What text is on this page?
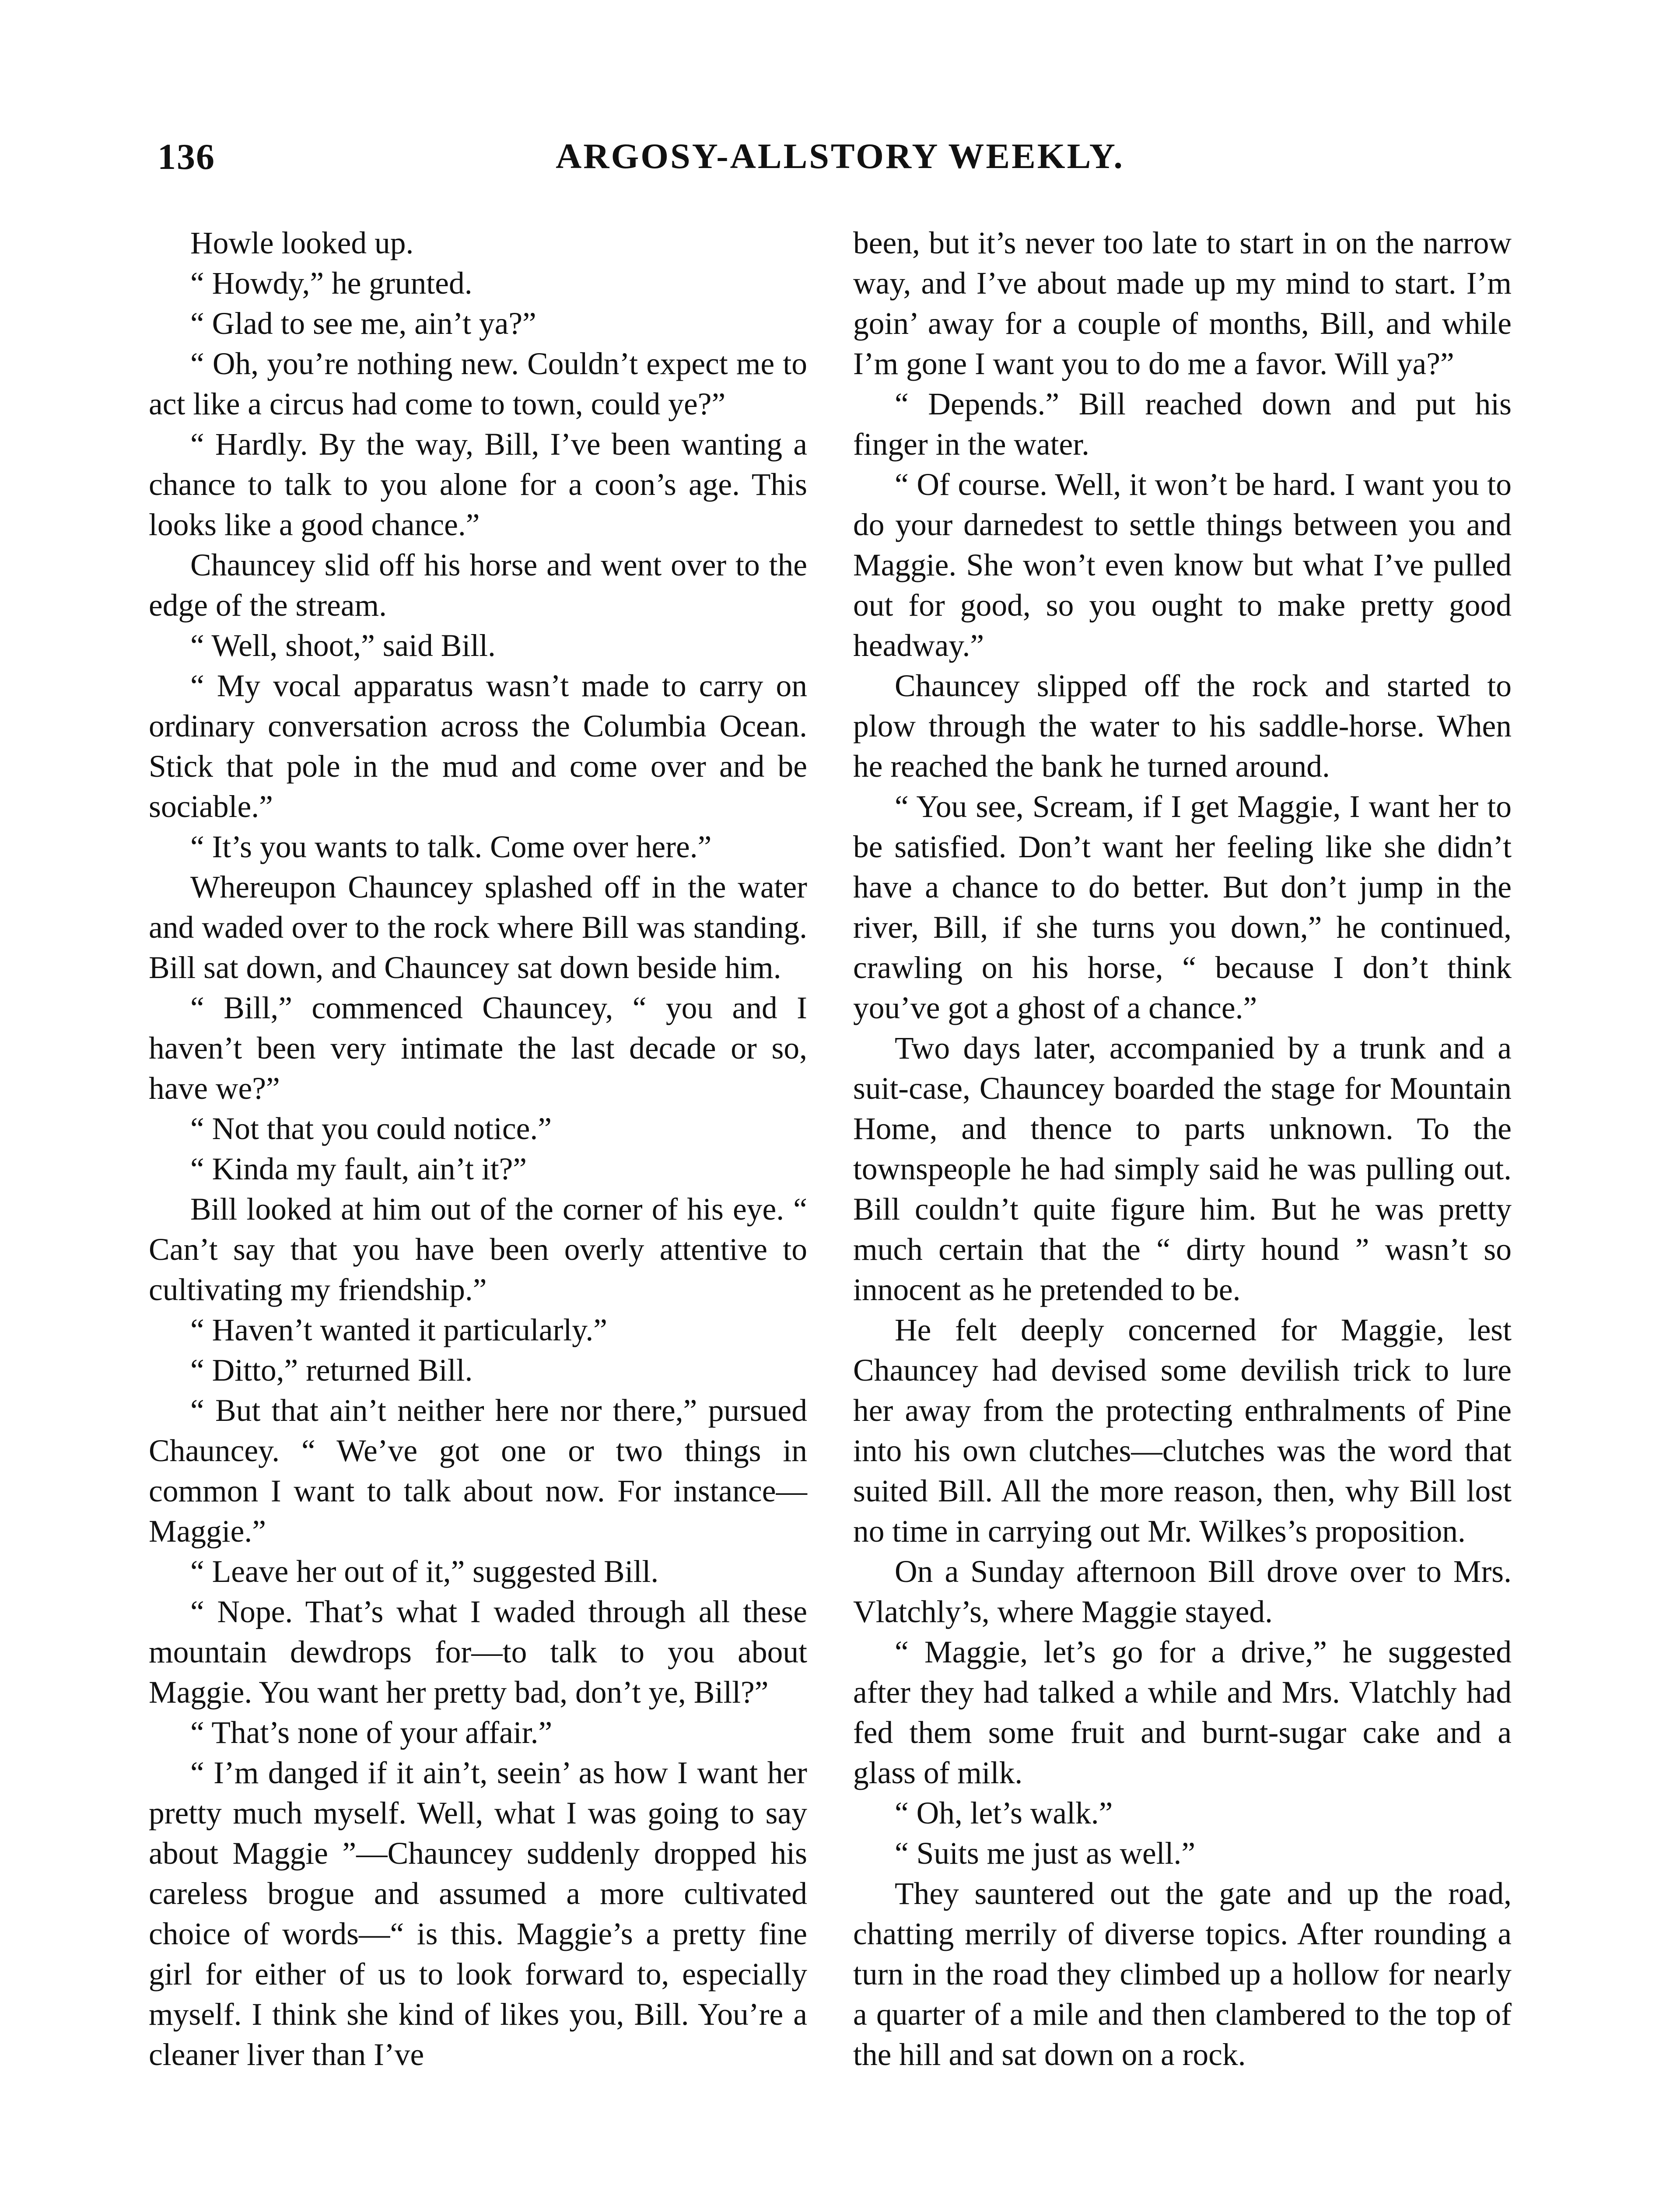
136	ARGOSY-ALLSTORY WEEKLY.

Howle looked up.

“ Howdy,” he grunted.

“ Glad to see me, ain’t ya?”

“ Oh, you’re nothing new. Couldn’t expect me to act like a circus had come to town, could ye?”

“ Hardly. By the way, Bill, I’ve been wanting a chance to talk to you alone for a coon’s age. This looks like a good chance.”

Chauncey slid off his horse and went over to the edge of the stream.

“ Well, shoot,” said Bill.

“ My vocal apparatus wasn’t made to carry on ordinary conversation across the Columbia Ocean. Stick that pole in the mud and come over and be sociable.”

“ It’s you wants to talk. Come over here.”

Whereupon Chauncey splashed off in the water and waded over to the rock where Bill was standing. Bill sat down, and Chauncey sat down beside him.

“ Bill,” commenced Chauncey, “ you and I haven’t been very intimate the last decade or so, have we?”

“ Not that you could notice.”

“ Kinda my fault, ain’t it?”

Bill looked at him out of the corner of his eye. “ Can’t say that you have been overly attentive to cultivating my friendship.”

“ Haven’t wanted it particularly.”

“ Ditto,” returned Bill.

“ But that ain’t neither here nor there,” pursued Chauncey. “ We’ve got one or two things in common I want to talk about now. For instance—Maggie.”

“ Leave her out of it,” suggested Bill.

“ Nope. That’s what I waded through all these mountain dewdrops for—to talk to you about Maggie. You want her pretty bad, don’t ye, Bill?”

“ That’s none of your affair.”

“ I’m danged if it ain’t, seein’ as how I want her pretty much myself. Well, what I was going to say about Maggie ”—Chauncey suddenly dropped his careless brogue and assumed a more cultivated choice of words—“ is this. Maggie’s a pretty fine girl for either of us to look forward to, especially myself. I think she kind of likes you, Bill. You’re a cleaner liver than I’ve

been, but it’s never too late to start in on the narrow way, and I’ve about made up my mind to start. I’m goin’ away for a couple of months, Bill, and while I’m gone I want you to do me a favor. Will ya?”

“ Depends.” Bill reached down and put his finger in the water.

“ Of course. Well, it won’t be hard. I want you to do your darnedest to settle things between you and Maggie. She won’t even know but what I’ve pulled out for good, so you ought to make pretty good headway.”

Chauncey slipped off the rock and started to plow through the water to his saddle-horse. When he reached the bank he turned around.

“ You see, Scream, if I get Maggie, I want her to be satisfied. Don’t want her feeling like she didn’t have a chance to do better. But don’t jump in the river, Bill, if she turns you down,” he continued, crawling on his horse, “ because I don’t think you’ve got a ghost of a chance.”

Two days later, accompanied by a trunk and a suit-case, Chauncey boarded the stage for Mountain Home, and thence to parts unknown. To the townspeople he had simply said he was pulling out. Bill couldn’t quite figure him. But he was pretty much certain that the “ dirty hound ” wasn’t so innocent as he pretended to be.

He felt deeply concerned for Maggie, lest Chauncey had devised some devilish trick to lure her away from the protecting enthralments of Pine into his own clutches—clutches was the word that suited Bill. All the more reason, then, why Bill lost no time in carrying out Mr. Wilkes’s proposition.

On a Sunday afternoon Bill drove over to Mrs. Vlatchly’s, where Maggie stayed.

“ Maggie, let’s go for a drive,” he suggested after they had talked a while and Mrs. Vlatchly had fed them some fruit and burnt-sugar cake and a glass of milk.

“ Oh, let’s walk.”

“ Suits me just as well.”

They sauntered out the gate and up the road, chatting merrily of diverse topics. After rounding a turn in the road they climbed up a hollow for nearly a quarter of a mile and then clambered to the top of the hill and sat down on a rock.
